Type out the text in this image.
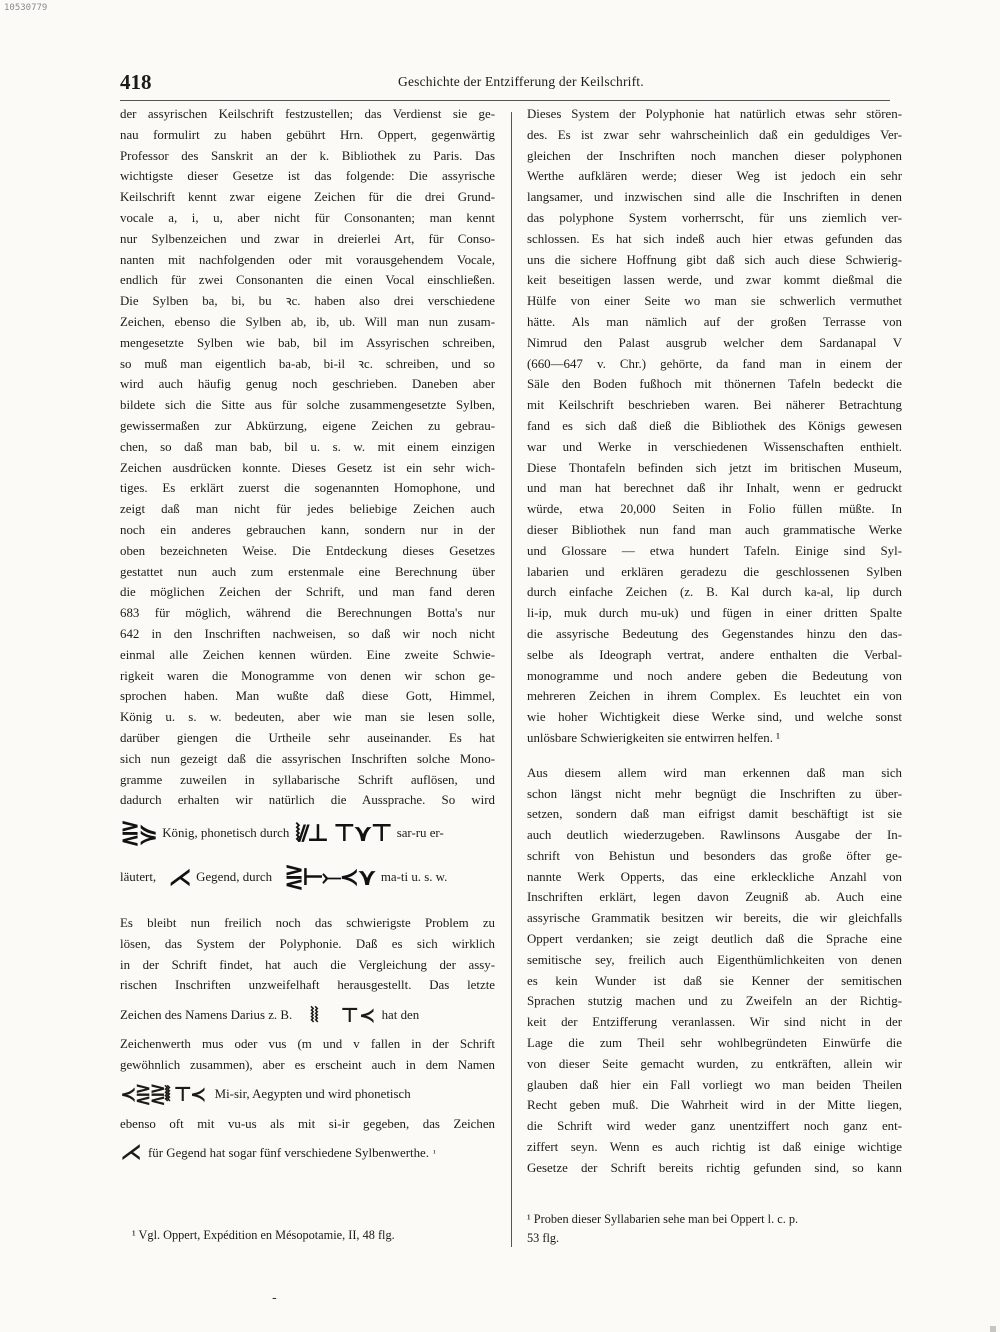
10530779
418	Geschichte der Entzifferung der Keilschrift.
der assyrischen Keilschrift festzustellen; das Verdienst sie ge-
nau formulirt zu haben gebührt Hrn. Oppert, gegenwärtig
Professor des Sanskrit an der k. Bibliothek zu Paris. Das
wichtigste dieser Gesetze ist das folgende: Die assyrische
Keilschrift kennt zwar eigene Zeichen für die drei Grund-
vocale a, i, u, aber nicht für Consonanten; man kennt
nur Sylbenzeichen und zwar in dreierlei Art, für Conso-
nanten mit nachfolgenden oder mit vorausgehendem Vocale,
endlich für zwei Consonanten die einen Vocal einschließen.
Die Sylben ba, bi, bu ꝛc. haben also drei verschiedene
Zeichen, ebenso die Sylben ab, ib, ub. Will man nun zusam-
mengesetzte Sylben wie bab, bil im Assyrischen schreiben,
so muß man eigentlich ba-ab, bi-il ꝛc. schreiben, und so
wird auch häufig genug noch geschrieben. Daneben aber
bildete sich die Sitte aus für solche zusammengesetzte Sylben,
gewissermaßen zur Abkürzung, eigene Zeichen zu gebrau-
chen, so daß man bab, bil u. s. w. mit einem einzigen
Zeichen ausdrücken konnte. Dieses Gesetz ist ein sehr wich-
tiges. Es erklärt zuerst die sogenannten Homophone, und
zeigt daß man nicht für jedes beliebige Zeichen auch
noch ein anderes gebrauchen kann, sondern nur in der
oben bezeichneten Weise. Die Entdeckung dieses Gesetzes
gestattet nun auch zum erstenmale eine Berechnung über
die möglichen Zeichen der Schrift, und man fand deren
683 für möglich, während die Berechnungen Botta's nur
642 in den Inschriften nachweisen, so daß wir noch nicht
einmal alle Zeichen kennen würden. Eine zweite Schwie-
rigkeit waren die Monogramme von denen wir schon ge-
sprochen haben. Man wußte daß diese Gott, Himmel,
König u. s. w. bedeuten, aber wie man sie lesen solle,
darüber giengen die Urtheile sehr auseinander. Es hat
sich nun gezeigt daß die assyrischen Inschriften solche Mono-
gramme zuweilen in syllabarische Schrift auflösen, und
dadurch erhalten wir natürlich die Aussprache. So wird
⋛⋟ König, phonetisch durch ⦚⫽⊥ ⊤⋎⊤ sar-ru er-
läutert, ⋌ Gegend, durch ⋛⊢⤚≺⋎ ma-ti u. s. w.
Es bleibt nun freilich noch das schwierigste Problem zu
lösen, das System der Polyphonie. Daß es sich wirklich
in der Schrift findet, hat auch die Vergleichung der assy-
rischen Inschriften unzweifelhaft herausgestellt. Das letzte
Zeichen des Namens Darius z. B. ⦚⦚ ⊤≺ hat den
Zeichenwerth mus oder vus (m und v fallen in der Schrift
gewöhnlich zusammen), aber es erscheint auch in dem Namen
≺⋛⋛⦚⦚ ⊤≺ Mi-sir, Aegypten und wird phonetisch
ebenso oft mit vu-us als mit si-ir gegeben, das Zeichen
⋌ für Gegend hat sogar fünf verschiedene Sylbenwerthe. ¹
¹ Vgl. Oppert, Expédition en Mésopotamie, II, 48 flg.
Dieses System der Polyphonie hat natürlich etwas sehr stören-
des. Es ist zwar sehr wahrscheinlich daß ein geduldiges Ver-
gleichen der Inschriften noch manchen dieser polyphonen
Werthe aufklären werde; dieser Weg ist jedoch ein sehr
langsamer, und inzwischen sind alle die Inschriften in denen
das polyphone System vorherrscht, für uns ziemlich ver-
schlossen. Es hat sich indeß auch hier etwas gefunden das
uns die sichere Hoffnung gibt daß sich auch diese Schwierig-
keit beseitigen lassen werde, und zwar kommt dießmal die
Hülfe von einer Seite wo man sie schwerlich vermuthet
hätte. Als man nämlich auf der großen Terrasse von
Nimrud den Palast ausgrub welcher dem Sardanapal V
(660—647 v. Chr.) gehörte, da fand man in einem der
Säle den Boden fußhoch mit thönernen Tafeln bedeckt die
mit Keilschrift beschrieben waren. Bei näherer Betrachtung
fand es sich daß dieß die Bibliothek des Königs gewesen
war und Werke in verschiedenen Wissenschaften enthielt.
Diese Thontafeln befinden sich jetzt im britischen Museum,
und man hat berechnet daß ihr Inhalt, wenn er gedruckt
würde, etwa 20,000 Seiten in Folio füllen müßte. In
dieser Bibliothek nun fand man auch grammatische Werke
und Glossare — etwa hundert Tafeln. Einige sind Syl-
labarien und erklären geradezu die geschlossenen Sylben
durch einfache Zeichen (z. B. Kal durch ka-al, lip durch
li-ip, muk durch mu-uk) und fügen in einer dritten Spalte
die assyrische Bedeutung des Gegenstandes hinzu den das-
selbe als Ideograph vertrat, andere enthalten die Verbal-
monogramme und noch andere geben die Bedeutung von
mehreren Zeichen in ihrem Complex. Es leuchtet ein von
wie hoher Wichtigkeit diese Werke sind, und welche sonst
unlösbare Schwierigkeiten sie entwirren helfen. ¹
Aus diesem allem wird man erkennen daß man sich
schon längst nicht mehr begnügt die Inschriften zu über-
setzen, sondern daß man eifrigst damit beschäftigt ist sie
auch deutlich wiederzugeben. Rawlinsons Ausgabe der In-
schrift von Behistun und besonders das große öfter ge-
nannte Werk Opperts, das eine erkleckliche Anzahl von
Inschriften erklärt, legen davon Zeugniß ab. Auch eine
assyrische Grammatik besitzen wir bereits, die wir gleichfalls
Oppert verdanken; sie zeigt deutlich daß die Sprache eine
semitische sey, freilich auch Eigenthümlichkeiten von denen
es kein Wunder ist daß sie Kenner der semitischen
Sprachen stutzig machen und zu Zweifeln an der Richtig-
keit der Entzifferung veranlassen. Wir sind nicht in der
Lage die zum Theil sehr wohlbegründeten Einwürfe die
von dieser Seite gemacht wurden, zu entkräften, allein wir
glauben daß hier ein Fall vorliegt wo man beiden Theilen
Recht geben muß. Die Wahrheit wird in der Mitte liegen,
die Schrift wird weder ganz unentziffert noch ganz ent-
ziffert seyn. Wenn es auch richtig ist daß einige wichtige
Gesetze der Schrift bereits richtig gefunden sind, so kann
¹ Proben dieser Syllabarien sehe man bei Oppert l. c. p.
53 flg.
-
